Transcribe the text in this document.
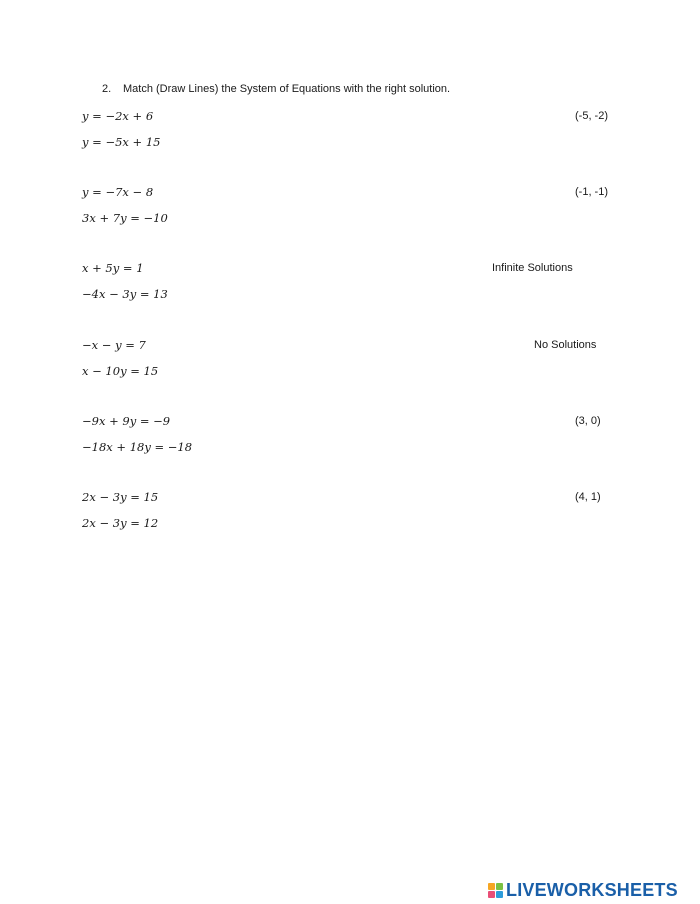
2. Match (Draw Lines) the System of Equations with the right solution.
y = −2x + 6
y = −5x + 15
(-5, -2)
y = −7x − 8
3x + 7y = −10
(-1, -1)
x + 5y = 1
−4x − 3y = 13
Infinite Solutions
−x − y = 7
x − 10y = 15
No Solutions
−9x + 9y = −9
−18x + 18y = −18
(3, 0)
2x − 3y = 15
2x − 3y = 12
(4, 1)
LIVEWORKSHEETS
